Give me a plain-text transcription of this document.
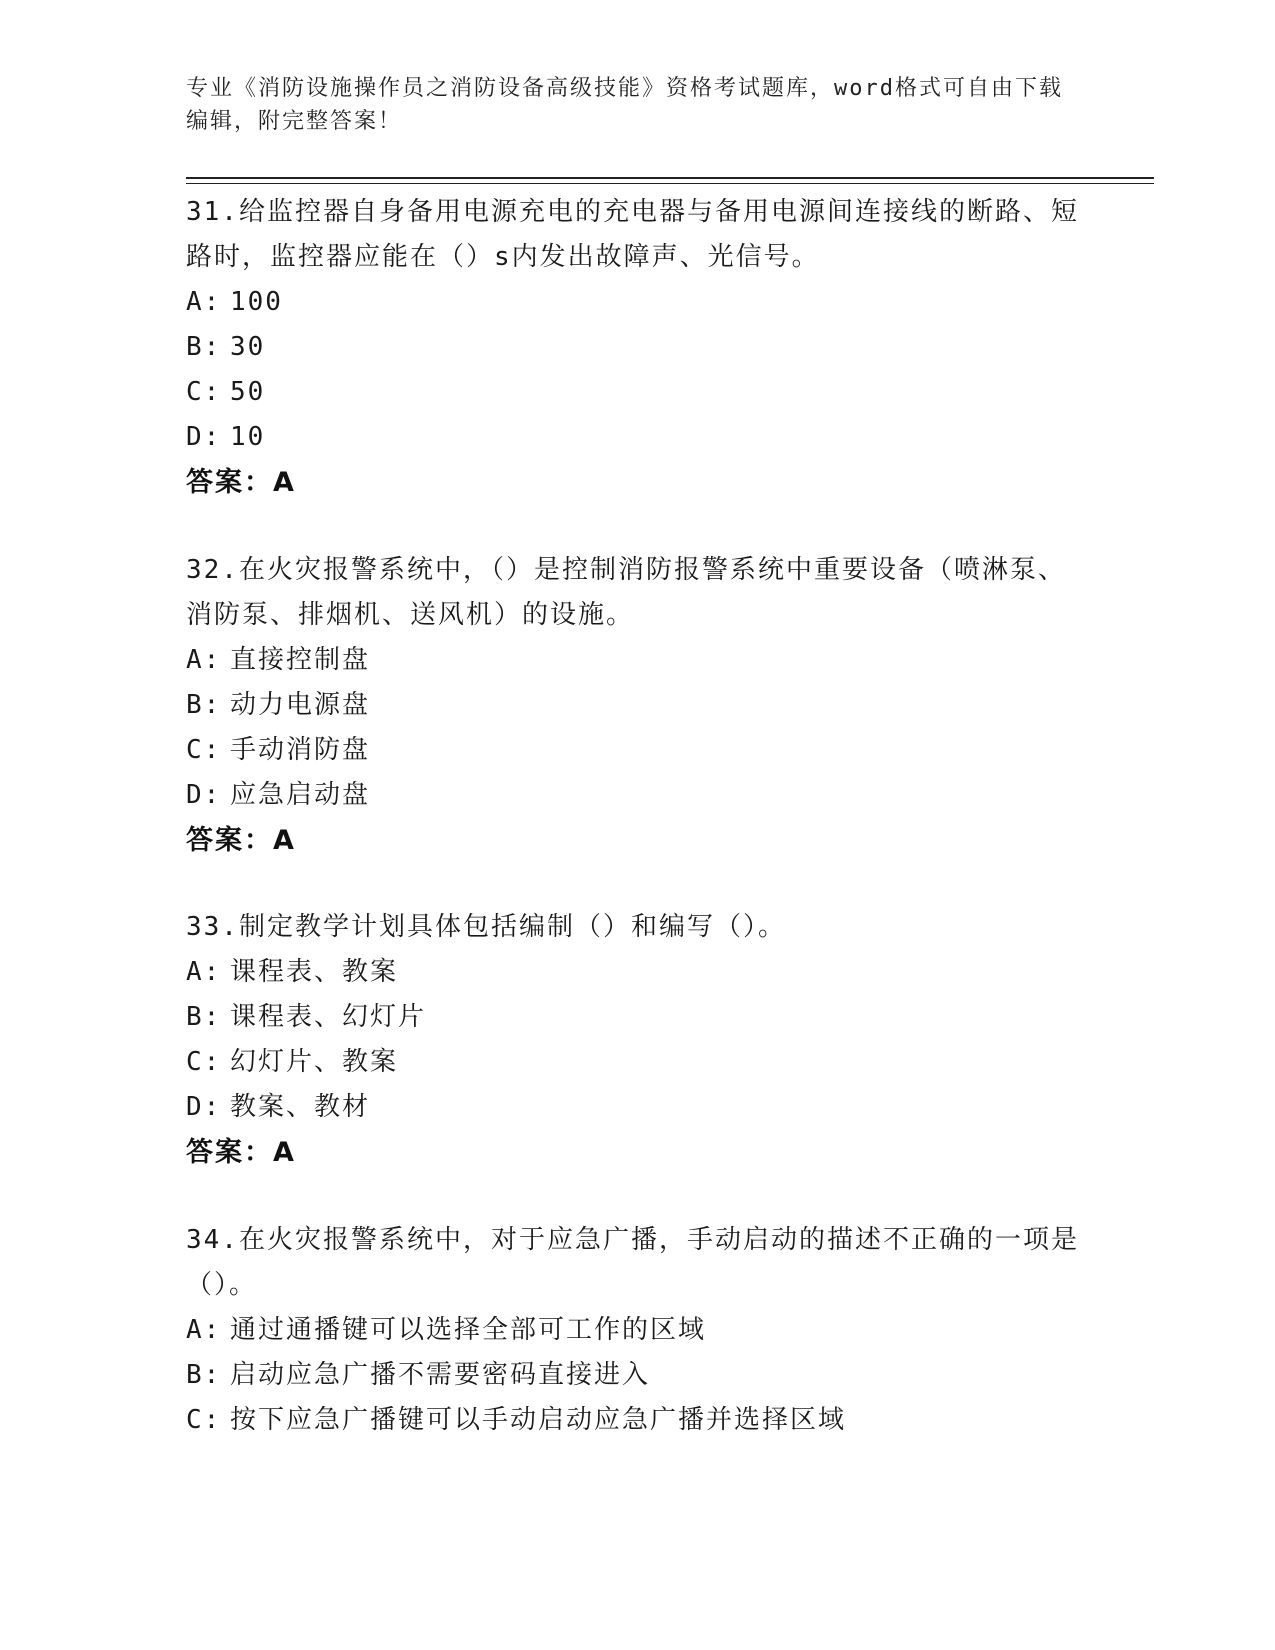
专业《消防设施操作员之消防设备高级技能》资格考试题库，word格式可自由下载编辑，附完整答案！

31.给监控器自身备用电源充电的充电器与备用电源间连接线的断路、短路时，监控器应能在（）s内发出故障声、光信号。

A: 100
B: 30
C: 50
D: 10
答案：A

32.在火灾报警系统中，（）是控制消防报警系统中重要设备（喷淋泵、消防泵、排烟机、送风机）的设施。

A: 直接控制盘
B: 动力电源盘
C: 手动消防盘
D: 应急启动盘
答案：A

33.制定教学计划具体包括编制（）和编写（）。

A: 课程表、教案
B: 课程表、幻灯片
C: 幻灯片、教案
D: 教案、教材
答案：A

34.在火灾报警系统中，对于应急广播，手动启动的描述不正确的一项是（）。

A: 通过通播键可以选择全部可工作的区域
B: 启动应急广播不需要密码直接进入
C: 按下应急广播键可以手动启动应急广播并选择区域
